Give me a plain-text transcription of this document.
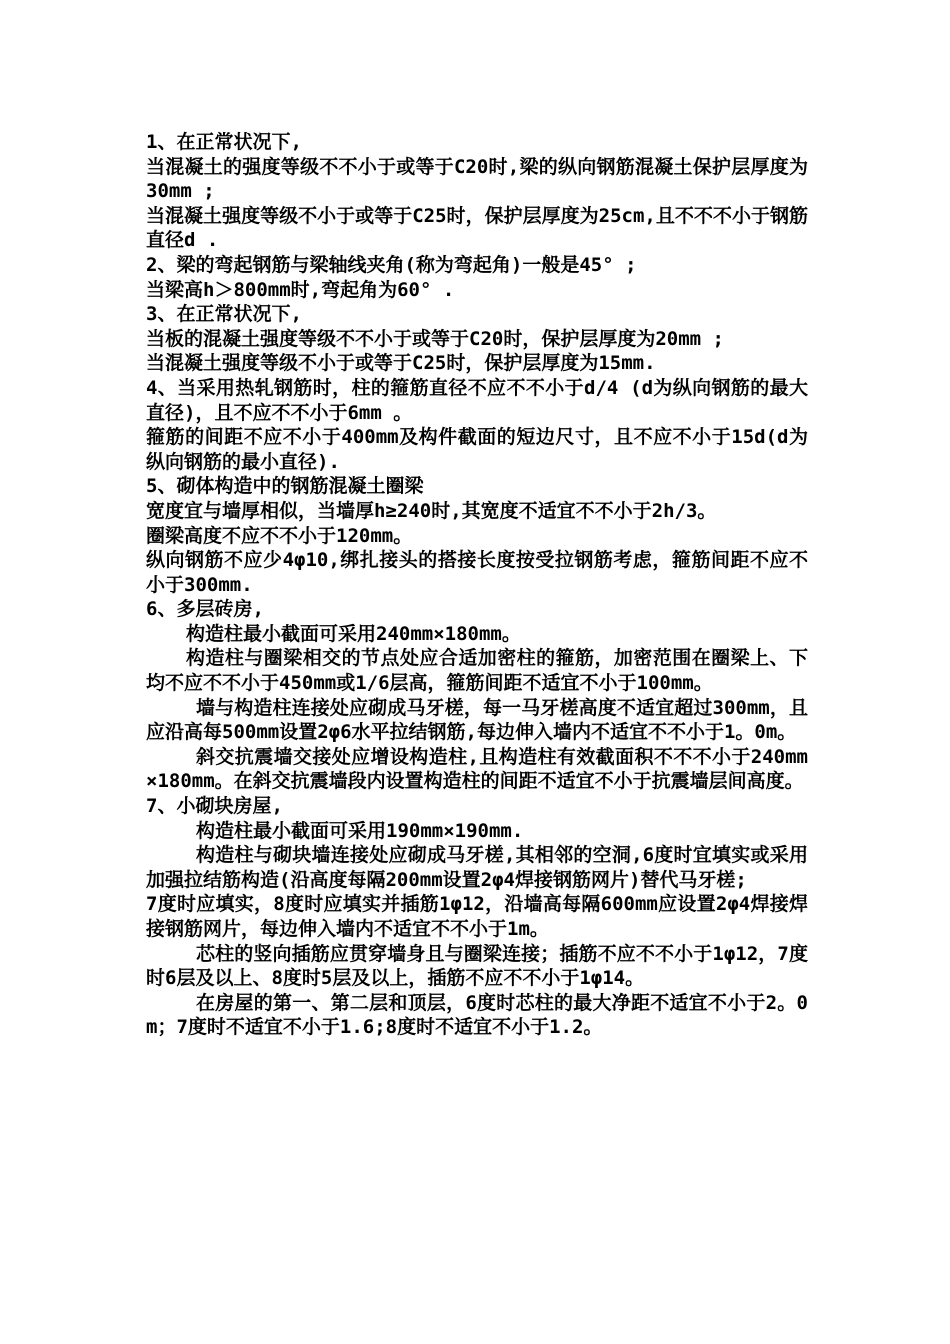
1、在正常状况下,

当混凝土的强度等级不不小于或等于C20时,梁的纵向钢筋混凝土保护层厚度为30mm ;

当混凝土强度等级不小于或等于C25时，保护层厚度为25cm,且不不不小于钢筋直径d .

2、梁的弯起钢筋与梁轴线夹角(称为弯起角)一般是45° ;

当梁高h＞800mm时,弯起角为60° .

3、在正常状况下,

当板的混凝土强度等级不不小于或等于C20时，保护层厚度为20mm ;

当混凝土强度等级不小于或等于C25时，保护层厚度为15mm.

4、当采用热轧钢筋时，柱的箍筋直径不应不不小于d/4 (d为纵向钢筋的最大直径)，且不应不不小于6mm 。

箍筋的间距不应不小于400mm及构件截面的短边尺寸，且不应不小于15d(d为纵向钢筋的最小直径).

5、砌体构造中的钢筋混凝土圈梁

宽度宜与墙厚相似，当墙厚h≥240时,其宽度不适宜不不小于2h/3。

圈梁高度不应不不小于120mm。

纵向钢筋不应少4φ10,绑扎接头的搭接长度按受拉钢筋考虑，箍筋间距不应不小于300mm.

6、多层砖房,

构造柱最小截面可采用240mm×180mm。

构造柱与圈梁相交的节点处应合适加密柱的箍筋，加密范围在圈梁上、下均不应不不小于450mm或1/6层高，箍筋间距不适宜不小于100mm。

墙与构造柱连接处应砌成马牙槎，每一马牙槎高度不适宜超过300mm，且应沿高每500mm设置2φ6水平拉结钢筋,每边伸入墙内不适宜不不小于1。0m。

斜交抗震墙交接处应增设构造柱,且构造柱有效截面积不不不小于240mm×180mm。在斜交抗震墙段内设置构造柱的间距不适宜不小于抗震墙层间高度。

7、小砌块房屋,

构造柱最小截面可采用190mm×190mm.

构造柱与砌块墙连接处应砌成马牙槎,其相邻的空洞,6度时宜填实或采用加强拉结筋构造(沿高度每隔200mm设置2φ4焊接钢筋网片)替代马牙槎;

7度时应填实，8度时应填实并插筋1φ12，沿墙高每隔600mm应设置2φ4焊接焊接钢筋网片，每边伸入墙内不适宜不不小于1m。

芯柱的竖向插筋应贯穿墙身且与圈梁连接；插筋不应不不小于1φ12，7度时6层及以上、8度时5层及以上，插筋不应不不小于1φ14。

在房屋的第一、第二层和顶层，6度时芯柱的最大净距不适宜不小于2。0m；7度时不适宜不小于1.6;8度时不适宜不小于1.2。
